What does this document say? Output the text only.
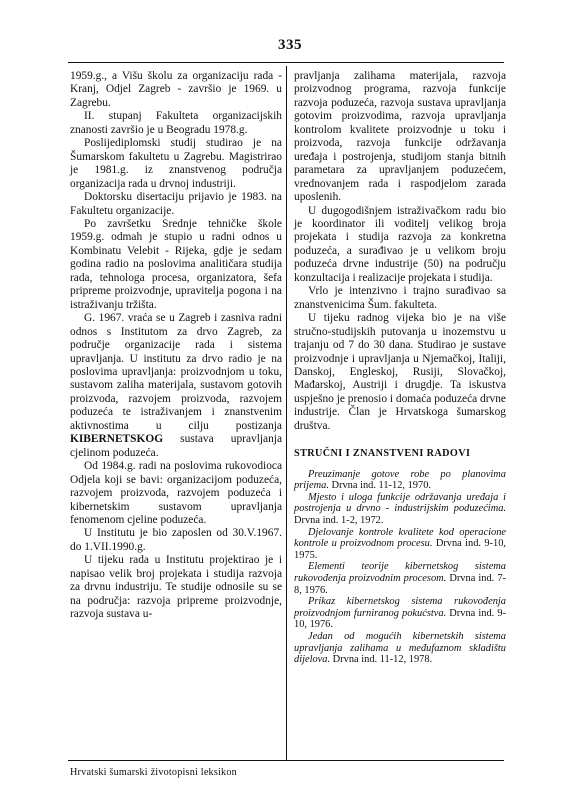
335

1959.g., a Višu školu za organizaciju rada - Kranj, Odjel Zagreb - završio je 1969. u Zagrebu.

II. stupanj Fakulteta organizacijskih znanosti završio je u Beogradu 1978.g.

Poslijediplomski studij studirao je na Šumarskom fakultetu u Zagrebu. Magistrirao je 1981.g. iz znanstvenog područja organizacija rada u drvnoj industriji.

Doktorsku disertaciju prijavio je 1983. na Fakultetu organizacije.

Po završetku Srednje tehničke škole 1959.g. odmah je stupio u radni odnos u Kombinatu Velebit - Rijeka, gdje je sedam godina radio na poslovima analitičara studija rada, tehnologa procesa, organizatora, šefa pripreme proizvodnje, upravitelja pogona i na istraživanju tržišta.

G. 1967. vraća se u Zagreb i zasniva radni odnos s Institutom za drvo Zagreb, za područje organizacije rada i sistema upravljanja. U institutu za drvo radio je na poslovima upravljanja: proizvodnjom u toku, sustavom zaliha materijala, sustavom gotovih proizvoda, razvojem proizvoda, razvojem poduzeća te istraživanjem i znanstvenim aktivnostima u cilju postizanja KIBERNETSKOG sustava upravljanja cjelinom poduzeća.

Od 1984.g. radi na poslovima rukovodioca Odjela koji se bavi: organizacijom poduzeća, razvojem proizvoda, razvojem poduzeća i kibernetskim sustavom upravljanja fenomenom cjeline poduzeća.

U Institutu je bio zaposlen od 30.V.1967. do 1.VII.1990.g.

U tijeku rada u Institutu projektirao je i napisao velik broj projekata i studija razvoja za drvnu industriju. Te studije odnosile su se na područja: razvoja pripreme proizvodnje, razvoja sustava u-

pravljanja zalihama materijala, razvoja proizvodnog programa, razvoja funkcije razvoja poduzeća, razvoja sustava upravljanja gotovim proizvodima, razvoja upravljanja kontrolom kvalitete proizvodnje u toku i proizvoda, razvoja funkcije održavanja uređaja i postrojenja, studijom stanja bitnih parametara za upravljanjem poduzećem, vrednovanjem rada i raspodjelom zarada uposlenih.

U dugogodišnjem istraživačkom radu bio je koordinator ili voditelj velikog broja projekata i studija razvoja za konkretna poduzeća, a surađivao je u velikom broju poduzeća drvne industrije (50) na području konzultacija i realizacije projekata i studija.

Vrlo je intenzivno i trajno surađivao sa znanstvenicima Šum. fakulteta.

U tijeku radnog vijeka bio je na više stručno-studijskih putovanja u inozemstvu u trajanju od 7 do 30 dana. Studirao je sustave proizvodnje i upravljanja u Njemačkoj, Italiji, Danskoj, Engleskoj, Rusiji, Slovačkoj, Mađarskoj, Austriji i drugdje. Ta iskustva uspješno je prenosio i domaća poduzeća drvne industrije. Član je Hrvatskoga šumarskog društva.

STRUČNI I ZNANSTVENI RADOVI

Preuzimanje gotove robe po planovima prijema. Drvna ind. 11-12, 1970.

Mjesto i uloga funkcije održavanja uređaja i postrojenja u drvno - industrijskim poduzećima. Drvna ind. 1-2, 1972.

Djelovanje kontrole kvalitete kod operacione kontrole u proizvodnom procesu. Drvna ind. 9-10, 1975.

Elementi teorije kibernetskog sistema rukovođenja proizvodnim procesom. Drvna ind. 7-8, 1976.

Prikaz kibernetskog sistema rukovođenja proizvodnjom furniranog pokućstva. Drvna ind. 9-10, 1976.

Jedan od mogućih kibernetskih sistema upravljanja zalihama u međufaznom skladištu dijelova. Drvna ind. 11-12, 1978.

Hrvatski šumarski životopisni leksikon
